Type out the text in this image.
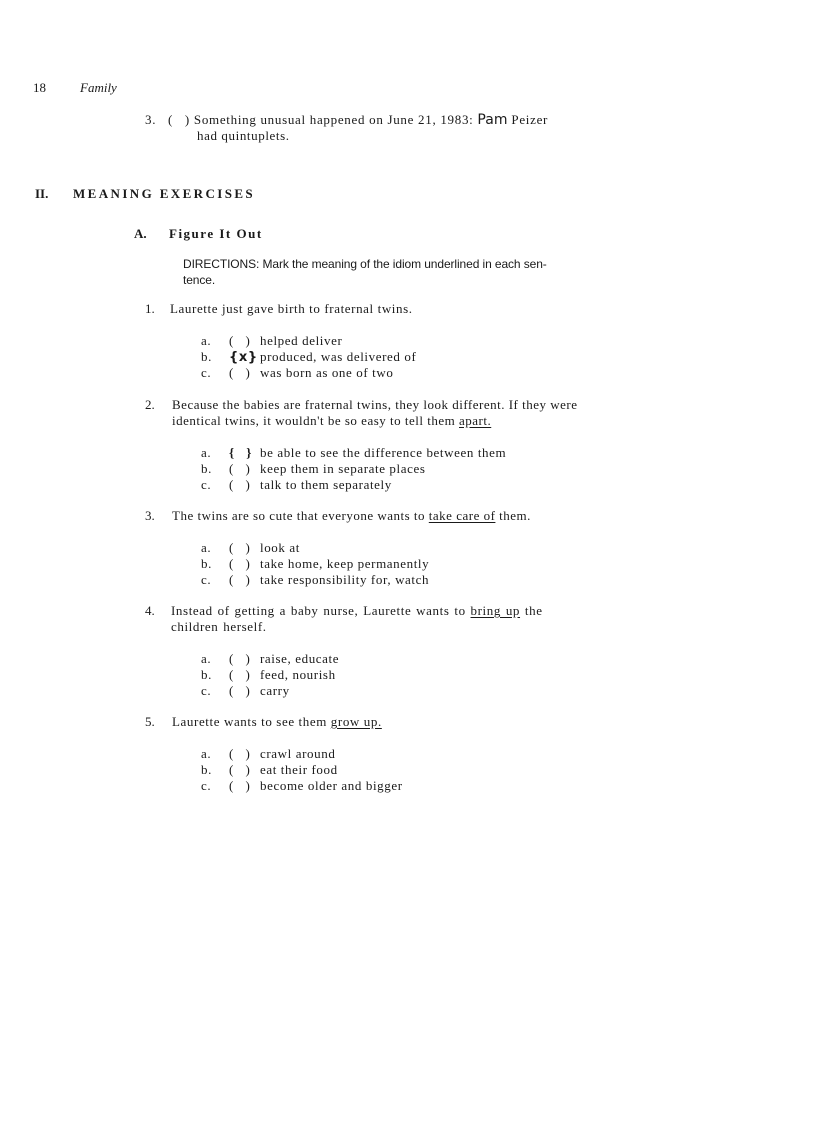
18	Family
3. (   ) Something unusual happened on June 21, 1983: Pam Peizer
had quintuplets.
II. MEANING EXERCISES
A. Figure It Out
DIRECTIONS: Mark the meaning of the idiom underlined in each sen- tence.
1. Laurette just gave birth to fraternal twins.
a. (   ) helped deliver
b. {x} produced, was delivered of
c. (   ) was born as one of two
2. Because the babies are fraternal twins, they look different. If they were identical twins, it wouldn't be so easy to tell them apart.
a. {   } be able to see the difference between them
b. (   ) keep them in separate places
c. (   ) talk to them separately
3. The twins are so cute that everyone wants to take care of them.
a. (   ) look at
b. (   ) take home, keep permanently
c. (   ) take responsibility for, watch
4. Instead of getting a baby nurse, Laurette wants to bring up the children herself.
a. (   ) raise, educate
b. (   ) feed, nourish
c. (   ) carry
5. Laurette wants to see them grow up.
a. (   ) crawl around
b. (   ) eat their food
c. (   ) become older and bigger
